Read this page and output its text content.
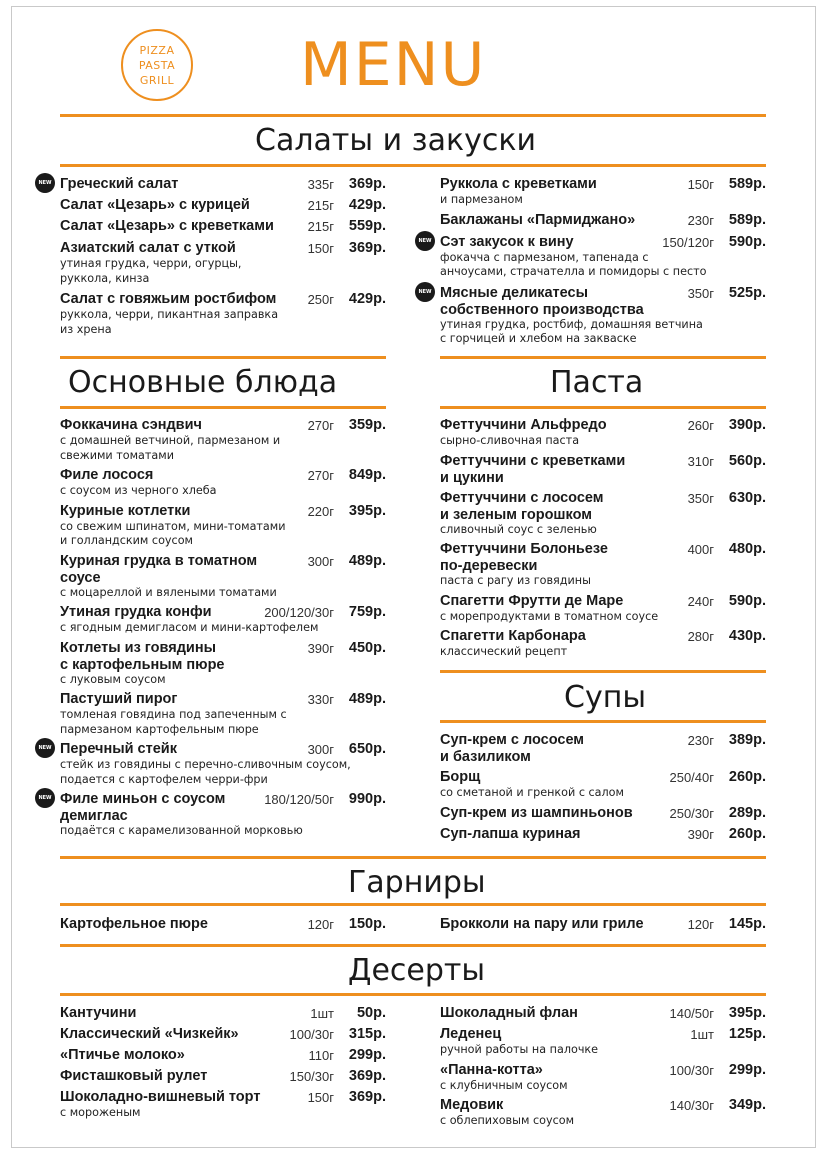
PIZZA
PASTA
GRILL MENU
Салаты и закуски
Греческий салат	335г	369р.
NEW
Салат «Цезарь» с курицей	215г	429р.
Салат «Цезарь» с креветками	215г	559р.
Азиатский салат с уткой	150г	369р.
утиная грудка, черри, огурцы,
руккола, кинза
Салат с говяжьим ростбифом	250г	429р.
руккола, черри, пикантная заправка
из хрена
Руккола с креветками	150г	589р.
и пармезаном
Баклажаны «Пармиджано»	230г	589р.
Сэт закусок к вину	150/120г	590р.
фокачча с пармезаном, тапенада с
анчоусами, страчателла и помидоры с песто
NEW
Мясные деликатесы	350г	525р.
собственного производства
утиная грудка, ростбиф, домашняя ветчина
с горчицей и хлебом на закваске
NEW
Основные блюда	Паста
Фоккачина сэндвич	270г	359р.
с домашней ветчиной, пармезаном и
свежими томатами
Филе лосося	270г	849р.
с соусом из черного хлеба
Куриные котлетки	220г	395р.
со свежим шпинатом, мини-томатами
и голландским соусом
Куриная грудка в томатном	300г	489р.
соусе
с моцареллой и вялеными томатами
Утиная грудка конфи	200/120/30г	759р.
с ягодным демигласом и мини-картофелем
Котлеты из говядины	390г	450р.
с картофельным пюре
с луковым соусом
Пастуший пирог	330г	489р.
томленая говядина под запеченным с
пармезаном картофельным пюре
Перечный стейк	300г	650р.
стейк из говядины с перечно-сливочным соусом,
подается с картофелем черри-фри
NEW
Филе миньон с соусом	180/120/50г	990р.
демиглас
подаётся с карамелизованной морковью
NEW
Феттуччини Альфредо	260г	390р.
сырно-сливочная паста
Феттуччини с креветками	310г	560р.
и цукини
Феттуччини с лососем	350г	630р.
и зеленым горошком
сливочный соус с зеленью
Феттуччини Болоньезе	400г	480р.
по-деревески
паста с рагу из говядины
Спагетти Фрутти де Маре	240г	590р.
с морепродуктами в томатном соусе
Спагетти Карбонара	280г	430р.
классический рецепт
Супы
Суп-крем с лососем	230г	389р.
и базиликом
Борщ	250/40г	260р.
со сметаной и гренкой с салом
Суп-крем из шампиньонов	250/30г	289р.
Суп-лапша куриная	390г	260р.
Гарниры
Картофельное пюре	120г	150р.	Брокколи на пару или гриле	120г	145р.
Десерты
Кантучини	1шт	50р.
Классический «Чизкейк»	100/30г	315р.
«Птичье молоко»	110г	299р.
Фисташковый рулет	150/30г	369р.
Шоколадно-вишневый торт	150г	369р.
с мороженым
Шоколадный флан	140/50г	395р.
Леденец	1шт	125р.
ручной работы на палочке
«Панна-котта»	100/30г	299р.
с клубничным соусом
Медовик	140/30г	349р.
с облепиховым соусом
